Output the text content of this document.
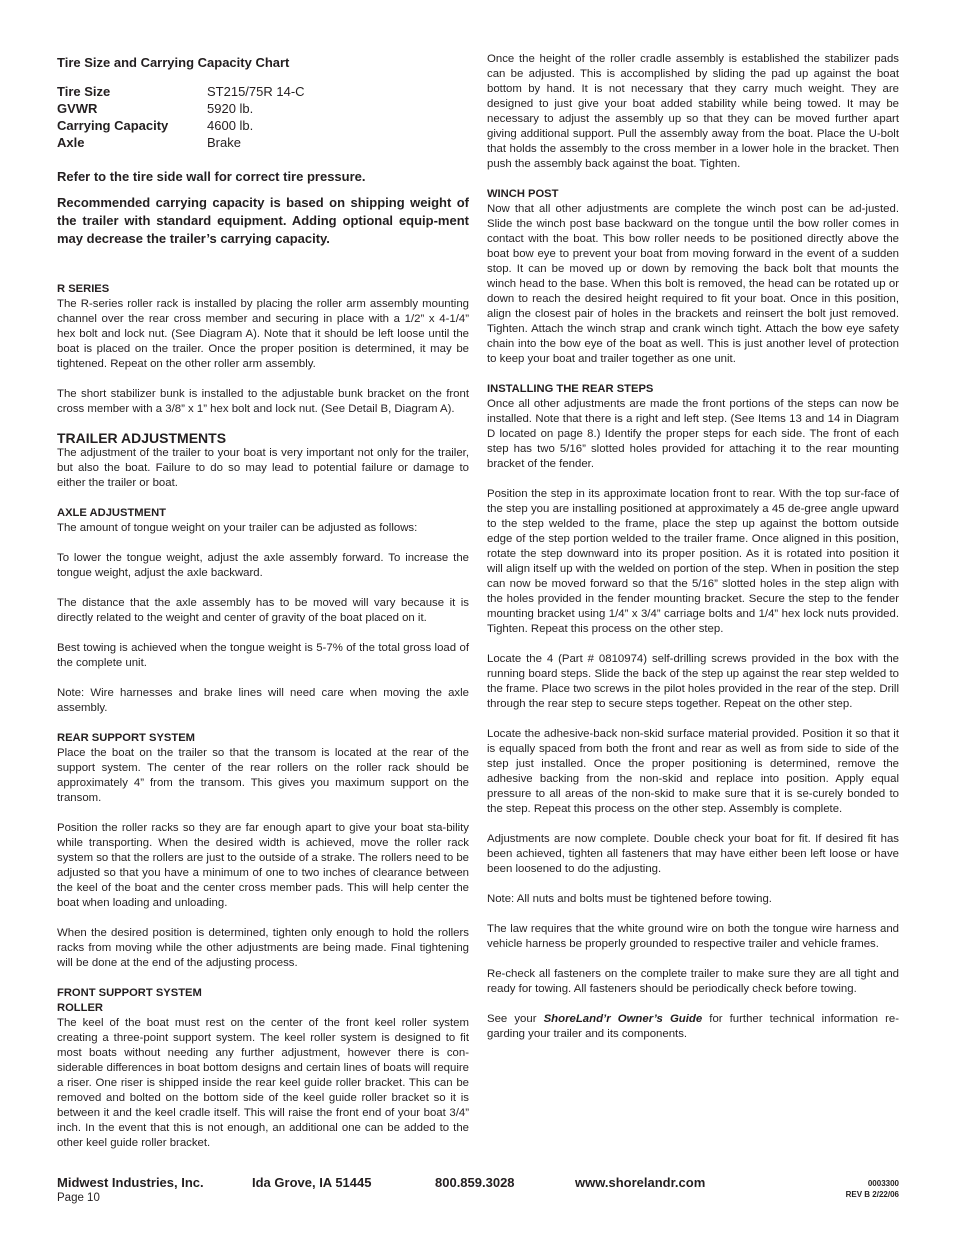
Tire Size and Carrying Capacity Chart
Tire Size	ST215/75R 14-C
GVWR	5920 lb.
Carrying Capacity	4600 lb.
Axle	Brake
Refer to the tire side wall for correct tire pressure.
Recommended carrying capacity is based on shipping weight of the trailer with standard equipment. Adding optional equip-ment may decrease the trailer’s carrying capacity.
R SERIES

The R-series roller rack is installed by placing the roller arm assembly mounting channel over the rear cross member and securing in place with a 1/2” x 4-1/4” hex bolt and lock nut. (See Diagram A). Note that it should be left loose until the boat is placed on the trailer. Once the proper position is determined, it may be tightened. Repeat on the other roller arm assembly.

The short stabilizer bunk is installed to the adjustable bunk bracket on the front cross member with a 3/8” x 1” hex bolt and lock nut. (See Detail B, Diagram A).

TRAILER ADJUSTMENTS

The adjustment of the trailer to your boat is very important not only for the trailer, but also the boat. Failure to do so may lead to potential failure or damage to either the trailer or boat.

AXLE ADJUSTMENT

The amount of tongue weight on your trailer can be adjusted as follows:

To lower the tongue weight, adjust the axle assembly forward. To increase the tongue weight, adjust the axle backward.

The distance that the axle assembly has to be moved will vary because it is directly related to the weight and center of gravity of the boat placed on it.

Best towing is achieved when the tongue weight is 5-7% of the total gross load of the complete unit.

Note: Wire harnesses and brake lines will need care when moving the axle assembly.

REAR SUPPORT SYSTEM

Place the boat on the trailer so that the transom is located at the rear of the support system. The center of the rear rollers on the roller rack should be approximately 4” from the transom. This gives you maximum support on the transom.

Position the roller racks so they are far enough apart to give your boat sta-bility while transporting. When the desired width is achieved, move the roller rack system so that the rollers are just to the outside of a strake. The rollers need to be adjusted so that you have a minimum of one to two inches of clearance between the keel of the boat and the center cross member pads. This will help center the boat when loading and unloading.

When the desired position is determined, tighten only enough to hold the rollers racks from moving while the other adjustments are being made. Final tightening will be done at the end of the adjusting process.

FRONT SUPPORT SYSTEM
ROLLER

The keel of the boat must rest on the center of the front keel roller system creating a three-point support system. The keel roller system is designed to fit most boats without needing any further adjustment, however there is con-siderable differences in boat bottom designs and certain lines of boats will require a riser. One riser is shipped inside the rear keel guide roller bracket. This can be removed and bolted on the bottom side of the keel guide roller bracket so it is between it and the keel cradle itself. This will raise the front end of your boat 3/4” inch. In the event that this is not enough, an additional one can be added to the other keel guide roller bracket.

Once the height of the roller cradle assembly is established the stabilizer pads can be adjusted. This is accomplished by sliding the pad up against the boat bottom by hand. It is not necessary that they carry much weight. They are designed to just give your boat added stability while being towed. It may be necessary to adjust the assembly up so that they can be moved further apart giving additional support. Pull the assembly away from the boat. Place the U-bolt that holds the assembly to the cross member in a lower hole in the bracket. Then push the assembly back against the boat. Tighten.

WINCH POST

Now that all other adjustments are complete the winch post can be ad-justed. Slide the winch post base backward on the tongue until the bow roller comes in contact with the boat. This bow roller needs to be positioned directly above the boat bow eye to prevent your boat from moving forward in the event of a sudden stop. It can be moved up or down by removing the back bolt that mounts the winch head to the base. When this bolt is removed, the head can be rotated up or down to reach the desired height required to fit your boat. Once in this position, align the closest pair of holes in the brackets and reinsert the bolt just removed. Tighten. Attach the winch strap and crank winch tight. Attach the bow eye safety chain into the bow eye of the boat as well. This is just another level of protection to keep your boat and trailer together as one unit.

INSTALLING THE REAR STEPS

Once all other adjustments are made the front portions of the steps can now be installed. Note that there is a right and left step. (See Items 13 and 14 in Diagram D located on page 8.) Identify the proper steps for each side. The front of each step has two 5/16” slotted holes provided for attaching it to the rear mounting bracket of the fender.

Position the step in its approximate location front to rear. With the top sur-face of the step you are installing positioned at approximately a 45 de-gree angle upward to the step welded to the frame, place the step up against the bottom outside edge of the step portion welded to the trailer frame. Once aligned in this position, rotate the step downward into its proper position. As it is rotated into position it will align itself up with the welded on portion of the step. When in position the step can now be moved forward so that the 5/16” slotted holes in the step align with the holes provided in the fender mounting bracket. Secure the step to the fender mounting bracket using 1/4” x 3/4” carriage bolts and 1/4” hex lock nuts provided. Tighten. Repeat this process on the other step.

Locate the 4 (Part # 0810974) self-drilling screws provided in the box with the running board steps. Slide the back of the step up against the rear step welded to the frame. Place two screws in the pilot holes provided in the rear of the step. Drill through the rear step to secure steps together. Repeat on the other step.

Locate the adhesive-back non-skid surface material provided. Position it so that it is equally spaced from both the front and rear as well as from side to side of the step just installed. Once the proper positioning is determined, remove the adhesive backing from the non-skid and replace into position. Apply equal pressure to all areas of the non-skid to make sure that it is se-curely bonded to the step. Repeat this process on the other step. Assembly is complete.

Adjustments are now complete. Double check your boat for fit. If desired fit has been achieved, tighten all fasteners that may have either been left loose or have been loosened to do the adjusting.

Note: All nuts and bolts must be tightened before towing.

The law requires that the white ground wire on both the tongue wire harness and vehicle harness be properly grounded to respective trailer and vehicle frames.

Re-check all fasteners on the complete trailer to make sure they are all tight and ready for towing. All fasteners should be periodically check before towing.

See your ShoreLand’r Owner’s Guide for further technical information re-garding your trailer and its components.

Midwest Industries, Inc.	Ida Grove, IA 51445	800.859.3028	www.shorelandr.com
Page 10
0003300
REV B 2/22/06
